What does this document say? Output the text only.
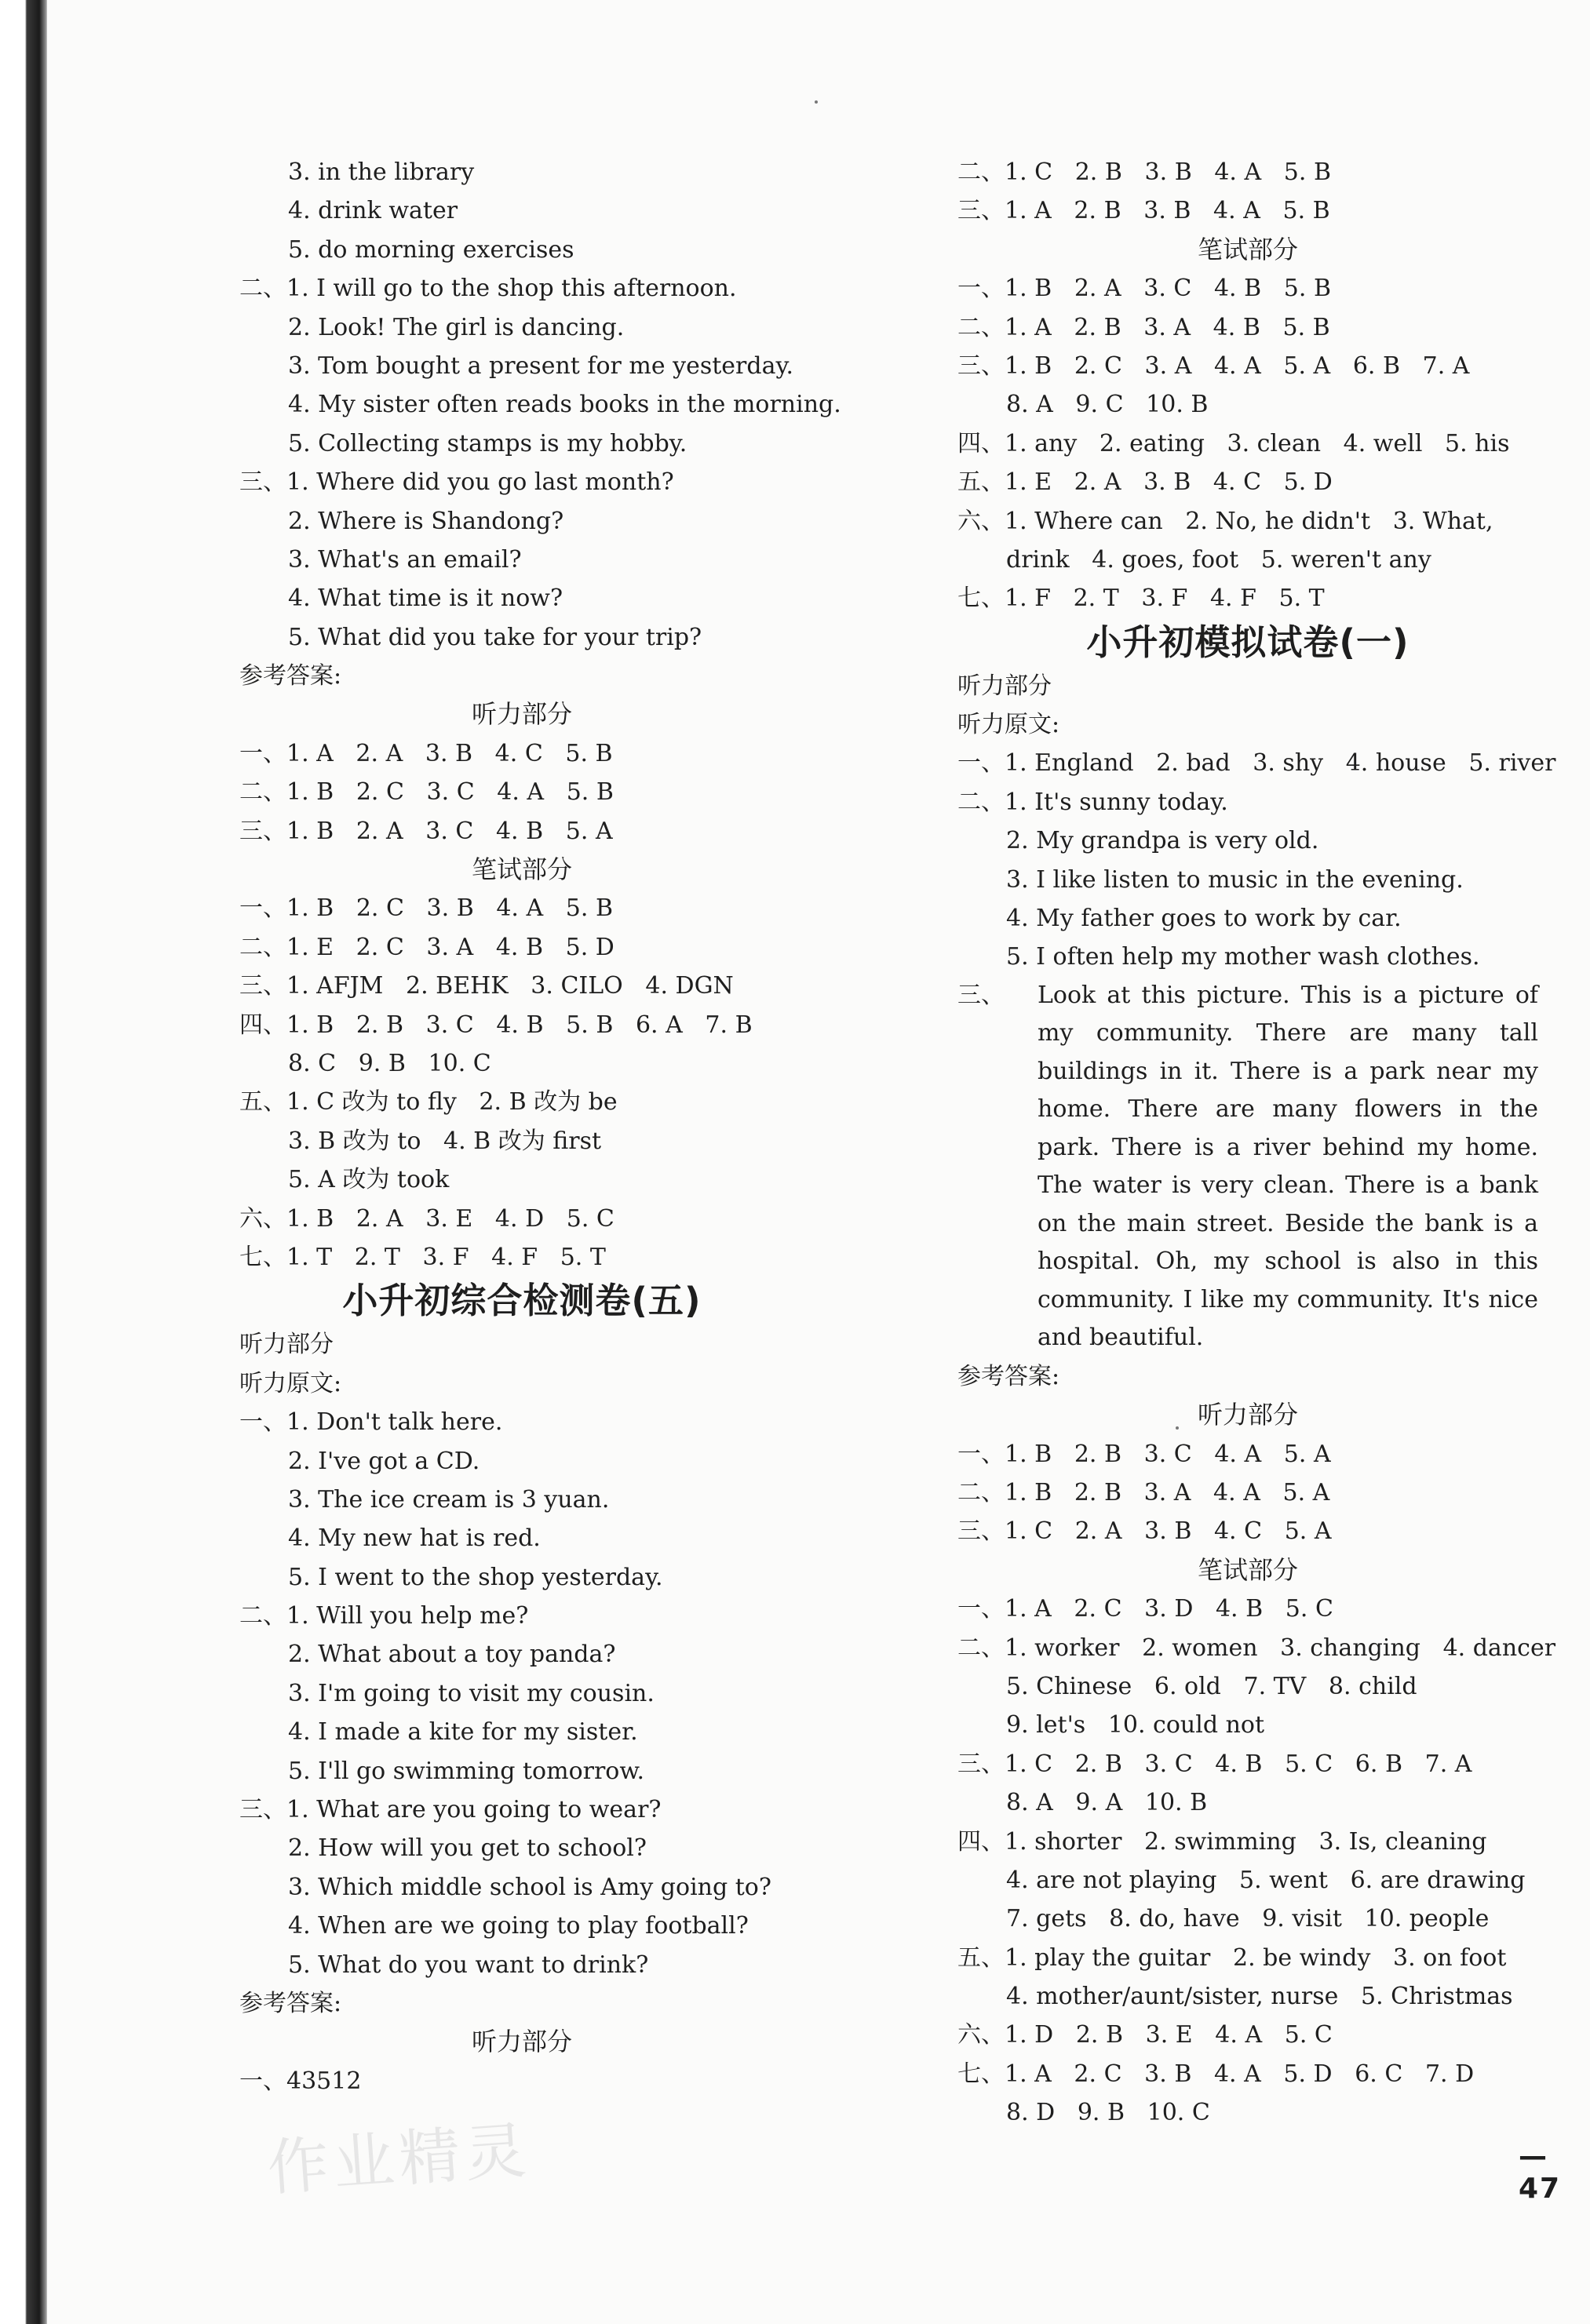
3. in the library
4. drink water
5. do morning exercises
二、1. I will go to the shop this afternoon.
2. Look! The girl is dancing.
3. Tom bought a present for me yesterday.
4. My sister often reads books in the morning.
5. Collecting stamps is my hobby.
三、1. Where did you go last month?
2. Where is Shandong?
3. What's an email?
4. What time is it now?
5. What did you take for your trip?
参考答案:
听力部分
一、1. A   2. A   3. B   4. C   5. B
二、1. B   2. C   3. C   4. A   5. B
三、1. B   2. A   3. C   4. B   5. A
笔试部分
一、1. B   2. C   3. B   4. A   5. B
二、1. E   2. C   3. A   4. B   5. D
三、1. AFJM   2. BEHK   3. CILO   4. DGN
四、1. B   2. B   3. C   4. B   5. B   6. A   7. B
8. C   9. B   10. C
五、1. C 改为 to fly   2. B 改为 be
3. B 改为 to   4. B 改为 first
5. A 改为 took
六、1. B   2. A   3. E   4. D   5. C
七、1. T   2. T   3. F   4. F   5. T
小升初综合检测卷(五)
听力部分
听力原文:
一、1. Don't talk here.
2. I've got a CD.
3. The ice cream is 3 yuan.
4. My new hat is red.
5. I went to the shop yesterday.
二、1. Will you help me?
2. What about a toy panda?
3. I'm going to visit my cousin.
4. I made a kite for my sister.
5. I'll go swimming tomorrow.
三、1. What are you going to wear?
2. How will you get to school?
3. Which middle school is Amy going to?
4. When are we going to play football?
5. What do you want to drink?
参考答案:
听力部分
一、43512
二、1. C   2. B   3. B   4. A   5. B
三、1. A   2. B   3. B   4. A   5. B
笔试部分
一、1. B   2. A   3. C   4. B   5. B
二、1. A   2. B   3. A   4. B   5. B
三、1. B   2. C   3. A   4. A   5. A   6. B   7. A
8. A   9. C   10. B
四、1. any   2. eating   3. clean   4. well   5. his
五、1. E   2. A   3. B   4. C   5. D
六、1. Where can   2. No, he didn't   3. What,
drink   4. goes, foot   5. weren't any
七、1. F   2. T   3. F   4. F   5. T
小升初模拟试卷(一)
听力部分
听力原文:
一、1. England   2. bad   3. shy   4. house   5. river
二、1. It's sunny today.
2. My grandpa is very old.
3. I like listen to music in the evening.
4. My father goes to work by car.
5. I often help my mother wash clothes.
三、	Look at this picture. This is a picture of my community. There are many tall buildings in it. There is a park near my home. There are many flowers in the park. There is a river behind my home. The water is very clean. There is a bank on the main street. Beside the bank is a hospital. Oh, my school is also in this community. I like my community. It's nice and beautiful.
参考答案:
听力部分
一、1. B   2. B   3. C   4. A   5. A
二、1. B   2. B   3. A   4. A   5. A
三、1. C   2. A   3. B   4. C   5. A
笔试部分
一、1. A   2. C   3. D   4. B   5. C
二、1. worker   2. women   3. changing   4. dancer
5. Chinese   6. old   7. TV   8. child
9. let's   10. could not
三、1. C   2. B   3. C   4. B   5. C   6. B   7. A
8. A   9. A   10. B
四、1. shorter   2. swimming   3. Is, cleaning
4. are not playing   5. went   6. are drawing
7. gets   8. do, have   9. visit   10. people
五、1. play the guitar   2. be windy   3. on foot
4. mother/aunt/sister, nurse   5. Christmas
六、1. D   2. B   3. E   4. A   5. C
七、1. A   2. C   3. B   4. A   5. D   6. C   7. D
8. D   9. B   10. C
作业精灵	— 47
